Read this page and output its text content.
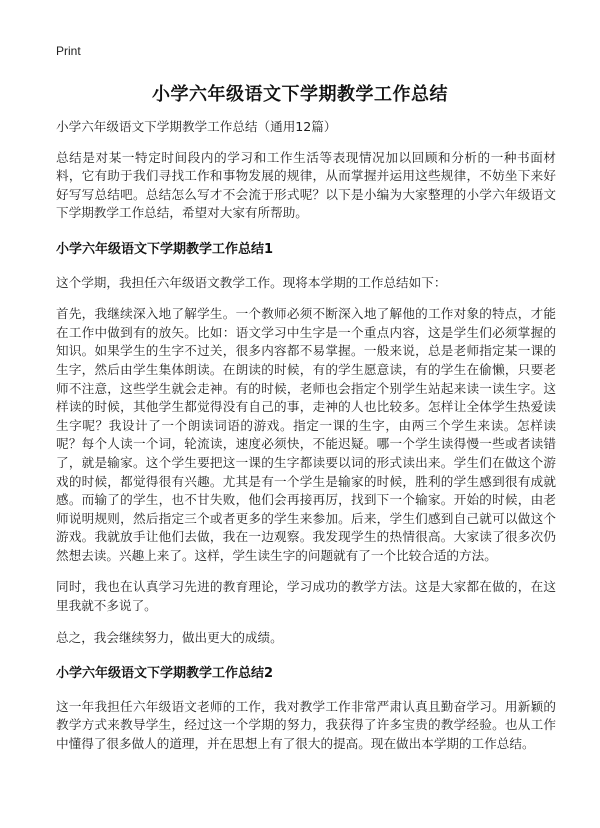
Print
小学六年级语文下学期教学工作总结

小学六年级语文下学期教学工作总结（通用12篇）

总结是对某一特定时间段内的学习和工作生活等表现情况加以回顾和分析的一种书面材料，它有助于我们寻找工作和事物发展的规律，从而掌握并运用这些规律，不妨坐下来好好写写总结吧。总结怎么写才不会流于形式呢？以下是小编为大家整理的小学六年级语文下学期教学工作总结，希望对大家有所帮助。

小学六年级语文下学期教学工作总结1

这个学期，我担任六年级语文教学工作。现将本学期的工作总结如下：

首先，我继续深入地了解学生。一个教师必须不断深入地了解他的工作对象的特点，才能在工作中做到有的放矢。比如：语文学习中生字是一个重点内容，这是学生们必须掌握的知识。如果学生的生字不过关，很多内容都不易掌握。一般来说，总是老师指定某一课的生字，然后由学生集体朗读。在朗读的时候，有的学生愿意读，有的学生在偷懒，只要老师不注意，这些学生就会走神。有的时候，老师也会指定个别学生站起来读一读生字。这样读的时候，其他学生都觉得没有自己的事，走神的人也比较多。怎样让全体学生热爱读生字呢？我设计了一个朗读词语的游戏。指定一课的生字，由两三个学生来读。怎样读呢？每个人读一个词，轮流读，速度必须快，不能迟疑。哪一个学生读得慢一些或者读错了，就是输家。这个学生要把这一课的生字都读要以词的形式读出来。学生们在做这个游戏的时候，都觉得很有兴趣。尤其是有一个学生是输家的时候，胜利的学生感到很有成就感。而输了的学生，也不甘失败，他们会再接再厉，找到下一个输家。开始的时候，由老师说明规则，然后指定三个或者更多的学生来参加。后来，学生们感到自己就可以做这个游戏。我就放手让他们去做，我在一边观察。我发现学生的热情很高。大家读了很多次仍然想去读。兴趣上来了。这样，学生读生字的问题就有了一个比较合适的方法。

同时，我也在认真学习先进的教育理论，学习成功的教学方法。这是大家都在做的，在这里我就不多说了。

总之，我会继续努力，做出更大的成绩。

小学六年级语文下学期教学工作总结2

这一年我担任六年级语文老师的工作，我对教学工作非常严肃认真且勤奋学习。用新颖的教学方式来教导学生，经过这一个学期的努力，我获得了许多宝贵的教学经验。也从工作中懂得了很多做人的道理，并在思想上有了很大的提高。现在做出本学期的工作总结。
